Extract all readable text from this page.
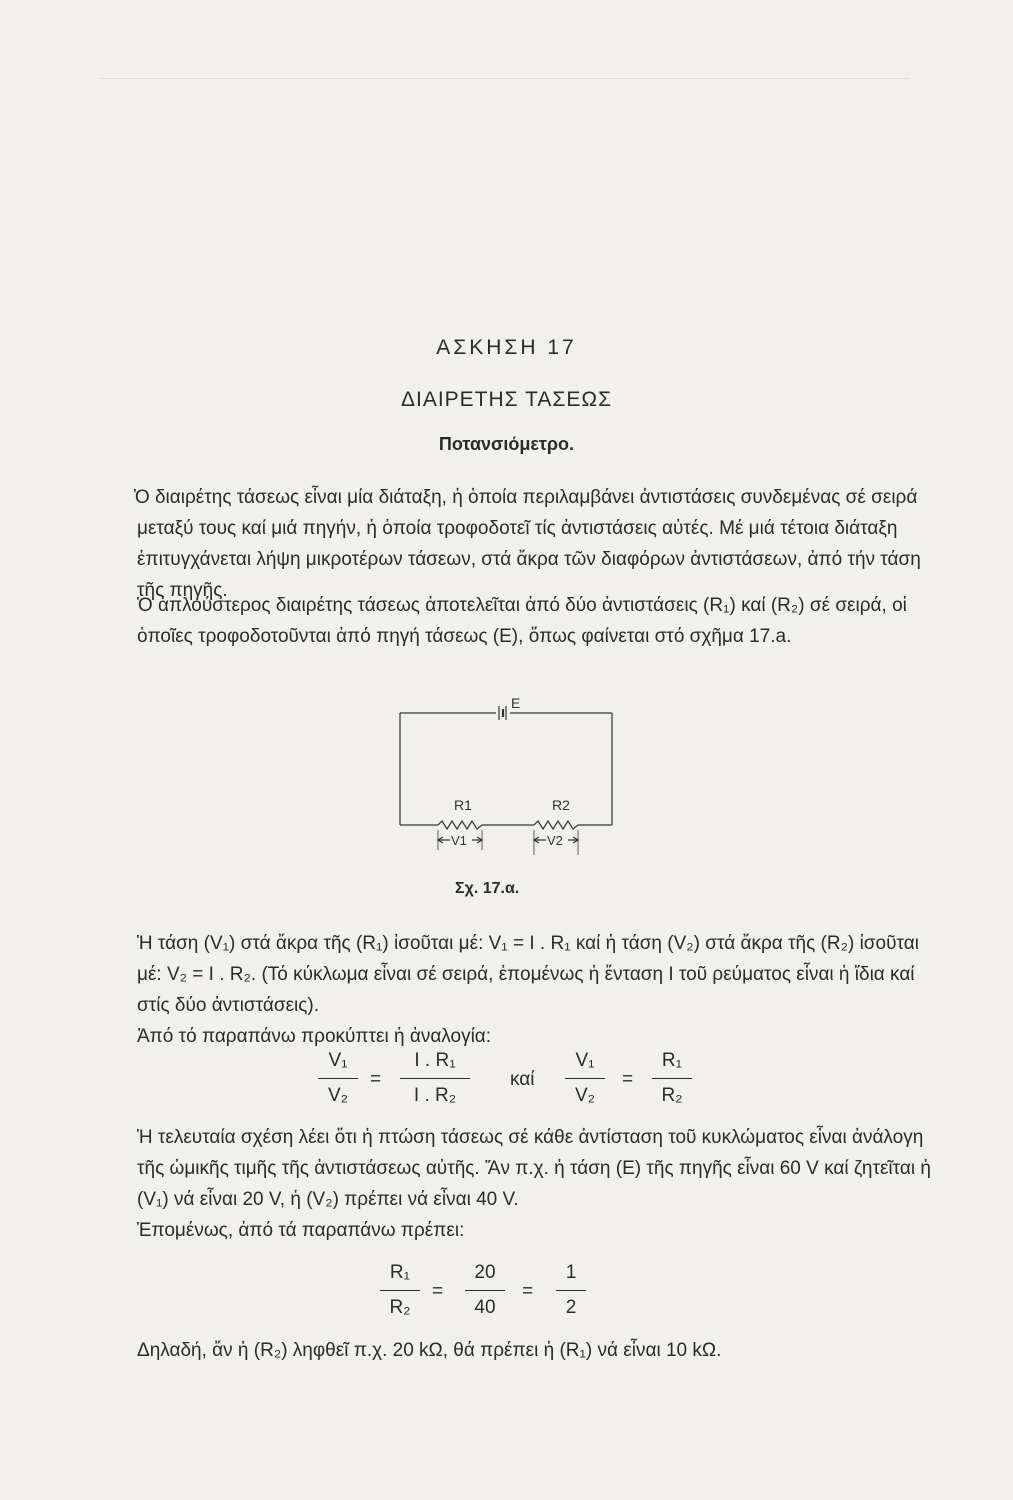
ΑΣΚΗΣΗ 17
ΔΙΑΙΡΕΤΗΣ ΤΑΣΕΩΣ
Ποτανσιόμετρο.

Ὁ διαιρέτης τάσεως εἶναι μία διάταξη, ἡ ὁποία περιλαμβάνει ἀντιστάσεις συνδεμένας σέ σειρά μεταξύ τους καί μιά πηγήν, ἡ ὁποία τροφοδοτεῖ τίς ἀντιστάσεις αὐτές. Μέ μιά τέτοια διάταξη ἐπιτυγχάνεται λήψη μικροτέρων τάσεων, στά ἄκρα τῶν διαφόρων ἀντιστάσεων, ἀπό τήν τάση τῆς πηγῆς.

Ὁ ἁπλούστερος διαιρέτης τάσεως ἀποτελεῖται ἀπό δύο ἀντιστάσεις (R₁) καί (R₂) σέ σειρά, οἱ ὁποῖες τροφοδοτοῦνται ἀπό πηγή τάσεως (Ε), ὅπως φαίνεται στό σχῆμα 17.a.

E
R1	R2
V1	V2
Σχ. 17.α.

Ἡ τάση (V₁) στά ἄκρα τῆς (R₁) ἰσοῦται μέ: V₁ = I . R₁ καί ἡ τάση (V₂) στά ἄκρα τῆς (R₂) ἰσοῦται μέ: V₂ = I . R₂. (Τό κύκλωμα εἶναι σέ σειρά, ἑπομένως ἡ ἔνταση I τοῦ ρεύματος εἶναι ἡ ἴδια καί στίς δύο ἀντιστάσεις).

Ἀπό τό παραπάνω προκύπτει ἡ ἀναλογία:

V₁
V₂
=
I . R₁
I . R₂
καί
V₁
V₂
=
R₁
R₂

Ἡ τελευταία σχέση λέει ὅτι ἡ πτώση τάσεως σέ κάθε ἀντίσταση τοῦ κυκλώματος εἶναι ἀνάλογη τῆς ὠμικῆς τιμῆς τῆς ἀντιστάσεως αὐτῆς. Ἄν π.χ. ἡ τάση (Ε) τῆς πηγῆς εἶναι 60 V καί ζητεῖται ἡ (V₁) νά εἶναι 20 V, ἡ (V₂) πρέπει νά εἶναι 40 V.

Ἑπομένως, ἀπό τά παραπάνω πρέπει:

R₁
R₂
=
20
40
=
1
2

Δηλαδή, ἄν ἡ (R₂) ληφθεῖ π.χ. 20 kΩ, θά πρέπει ἡ (R₁) νά εἶναι 10 kΩ.
